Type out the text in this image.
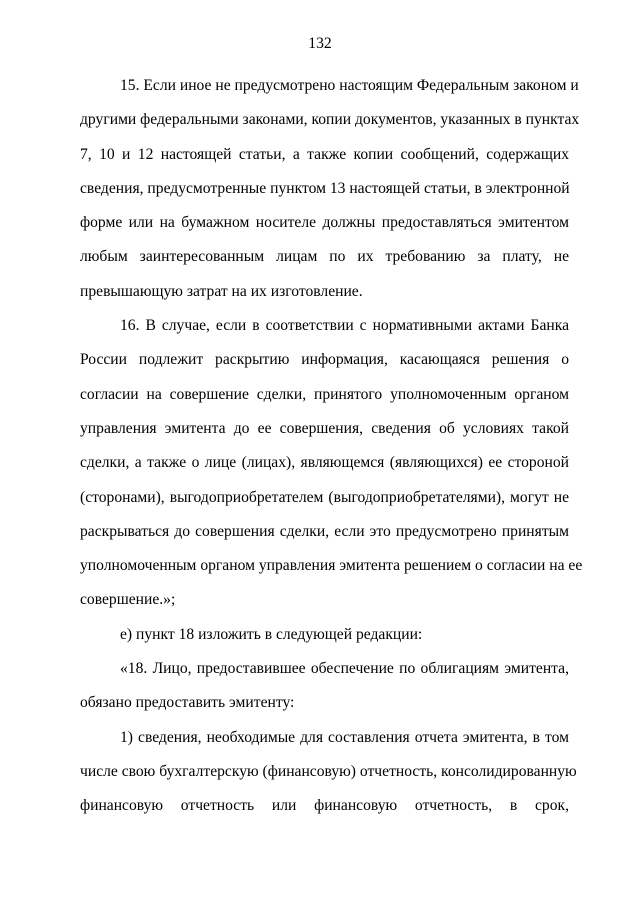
132
15. Если иное не предусмотрено настоящим Федеральным законом и
другими федеральными законами, копии документов, указанных в пунктах
7, 10 и 12 настоящей статьи, а также копии сообщений, содержащих
сведения, предусмотренные пунктом 13 настоящей статьи, в электронной
форме или на бумажном носителе должны предоставляться эмитентом
любым заинтересованным лицам по их требованию за плату, не
превышающую затрат на их изготовление.
16. В случае, если в соответствии с нормативными актами Банка
России подлежит раскрытию информация, касающаяся решения о
согласии на совершение сделки, принятого уполномоченным органом
управления эмитента до ее совершения, сведения об условиях такой
сделки, а также о лице (лицах), являющемся (являющихся) ее стороной
(сторонами), выгодоприобретателем (выгодоприобретателями), могут не
раскрываться до совершения сделки, если это предусмотрено принятым
уполномоченным органом управления эмитента решением о согласии на ее
совершение.»;
е) пункт 18 изложить в следующей редакции:
«18. Лицо, предоставившее обеспечение по облигациям эмитента,
обязано предоставить эмитенту:
1) сведения, необходимые для составления отчета эмитента, в том
числе свою бухгалтерскую (финансовую) отчетность, консолидированную
финансовую отчетность или финансовую отчетность, в срок,
